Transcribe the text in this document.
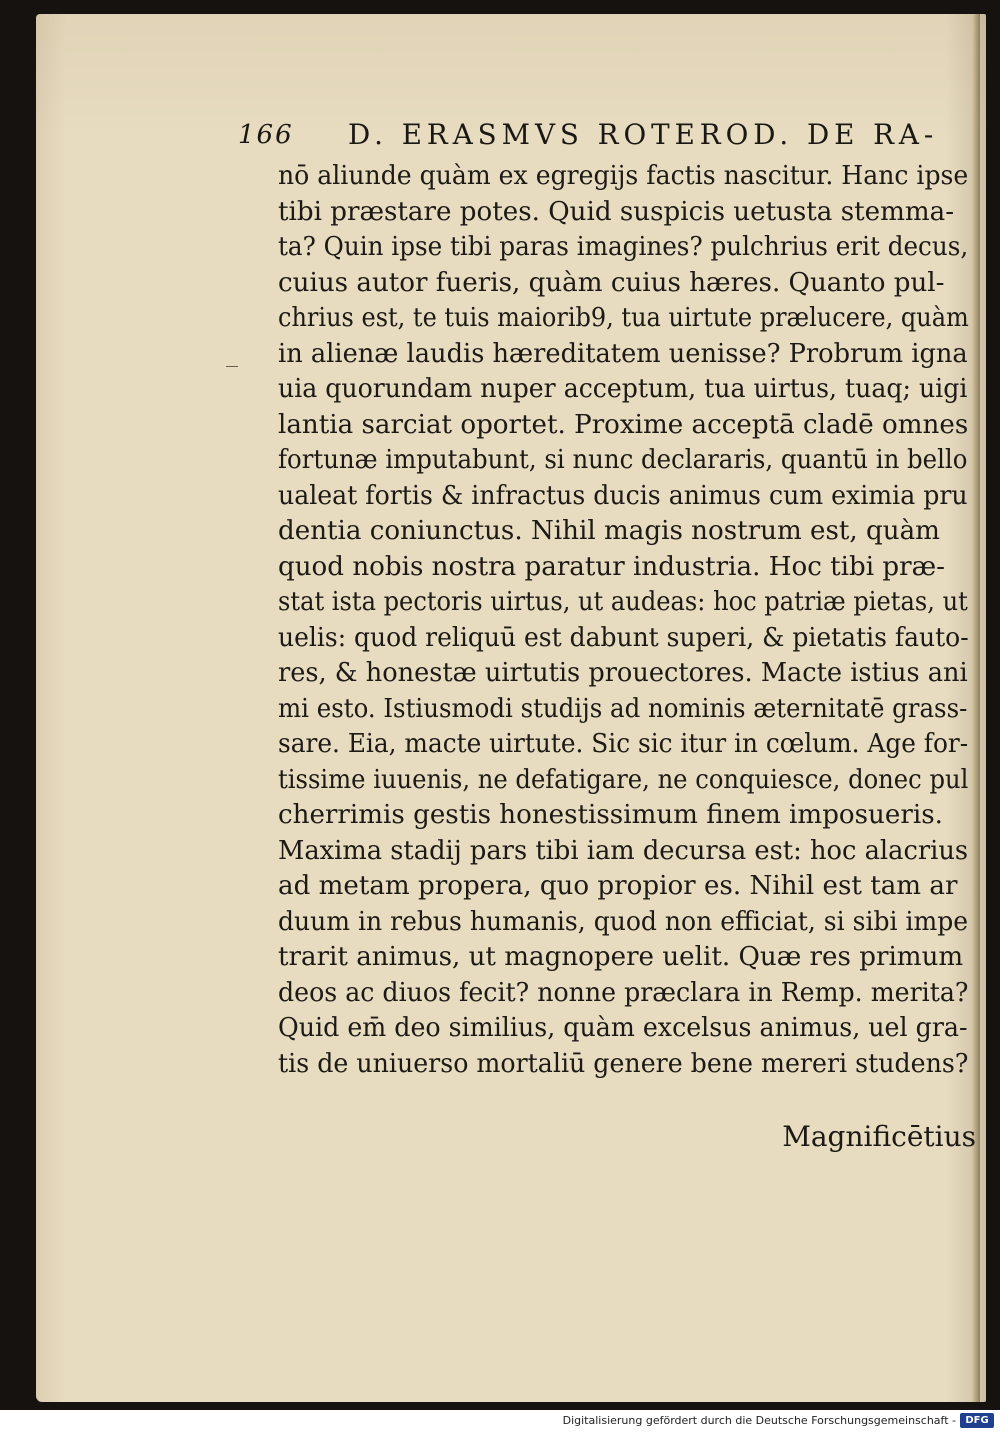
166 D. ERASMVS ROTEROD. DE RA-
nō aliunde quàm ex egregijs factis nascitur. Hanc ipse
tibi præstare potes. Quid suspicis uetusta stemma-
ta? Quin ipse tibi paras imagines? pulchrius erit decus,
cuius autor fueris, quàm cuius hæres. Quanto pul-
chrius est, te tuis maiorib9, tua uirtute prælucere, quàm
in alienæ laudis hæreditatem uenisse? Probrum igna
uia quorundam nuper acceptum, tua uirtus, tuaq; uigi
lantia sarciat oportet. Proxime acceptā cladē omnes
fortunæ imputabunt, si nunc declararis, quantū in bello
ualeat fortis & infractus ducis animus cum eximia pru
dentia coniunctus. Nihil magis nostrum est, quàm
quod nobis nostra paratur industria. Hoc tibi præ-
stat ista pectoris uirtus, ut audeas: hoc patriæ pietas, ut
uelis: quod reliquū est dabunt superi, & pietatis fauto-
res, & honestæ uirtutis prouectores. Macte istius ani
mi esto. Istiusmodi studijs ad nominis æternitatē grass-
sare. Eia, macte uirtute. Sic sic itur in cœlum. Age for-
tissime iuuenis, ne defatigare, ne conquiesce, donec pul
cherrimis gestis honestissimum finem imposueris.
Maxima stadij pars tibi iam decursa est: hoc alacrius
ad metam propera, quo propior es. Nihil est tam ar
duum in rebus humanis, quod non efficiat, si sibi impe
trarit animus, ut magnopere uelit. Quæ res primum
deos ac diuos fecit? nonne præclara in Remp. merita?
Quid em̄ deo similius, quàm excelsus animus, uel gra-
tis de uniuerso mortaliū genere bene mereri studens?
Magnificētius
Digitalisierung gefördert durch die Deutsche Forschungsgemeinschaft - DFG
